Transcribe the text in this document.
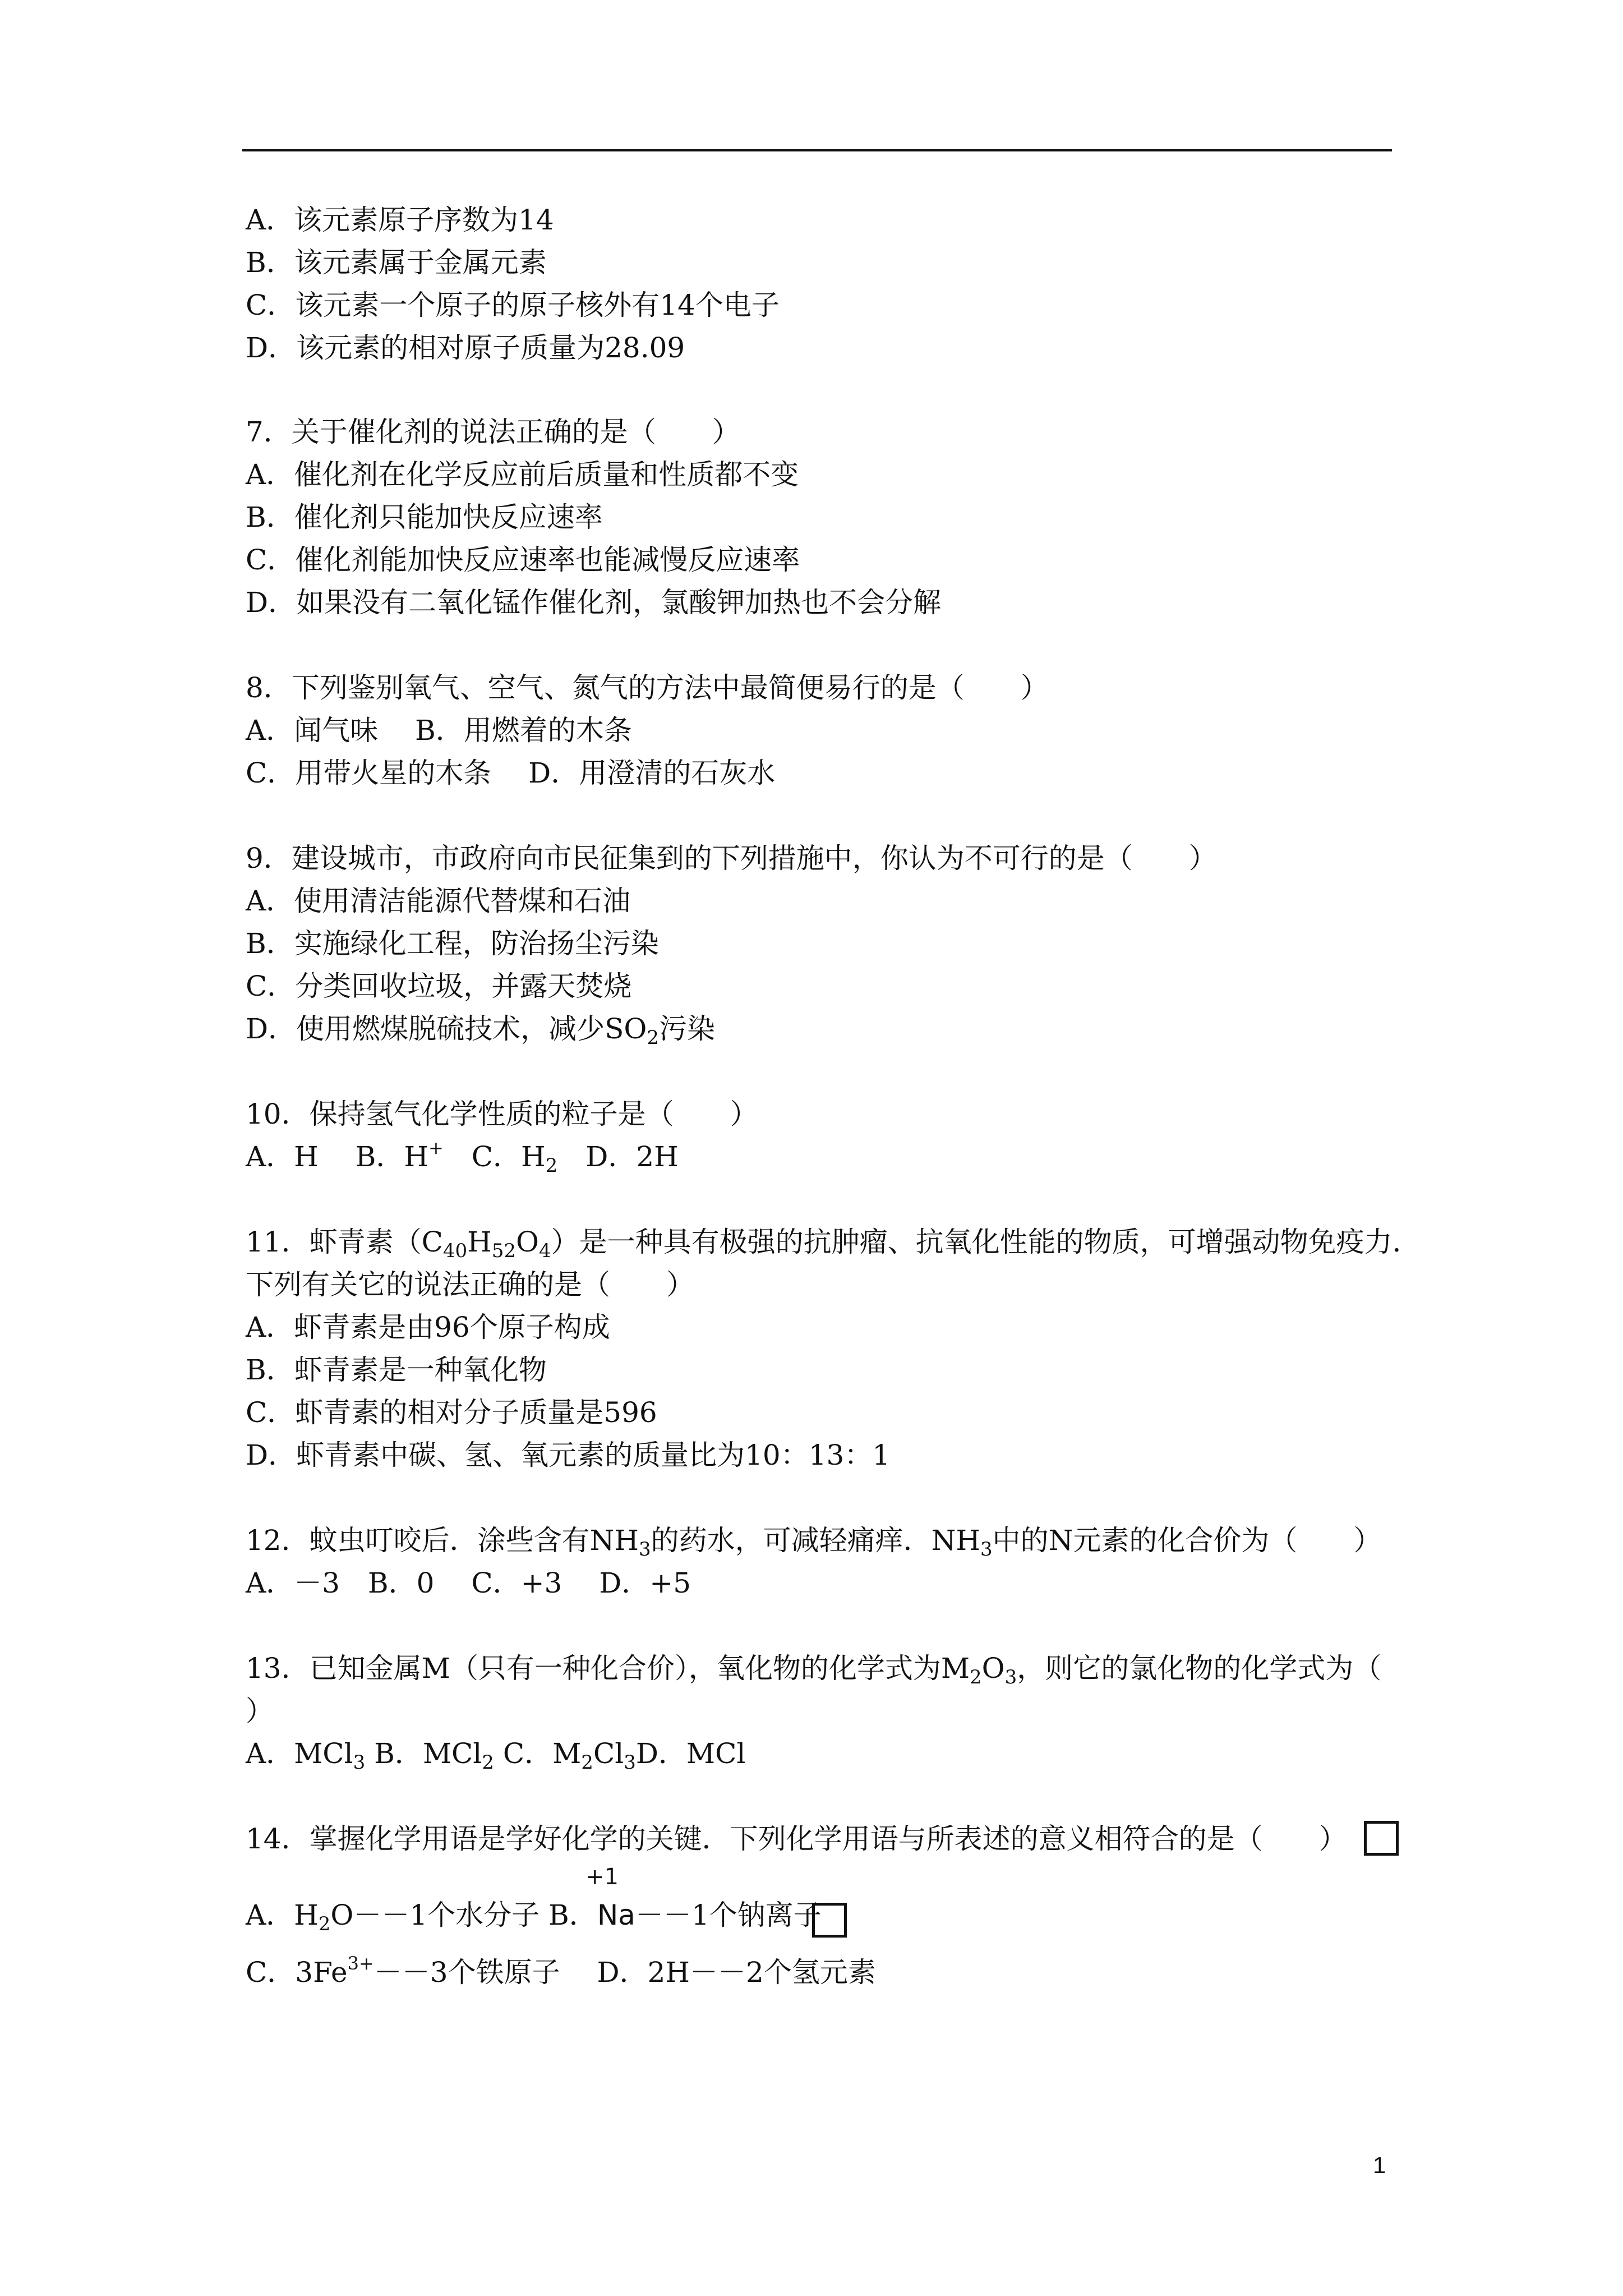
A．该元素原子序数为14
B．该元素属于金属元素
C．该元素一个原子的原子核外有14个电子
D．该元素的相对原子质量为28.09
7．关于催化剂的说法正确的是（　　）
A．催化剂在化学反应前后质量和性质都不变
B．催化剂只能加快反应速率
C．催化剂能加快反应速率也能减慢反应速率
D．如果没有二氧化锰作催化剂，氯酸钾加热也不会分解
8．下列鉴别氧气、空气、氮气的方法中最简便易行的是（　　）
A．闻气味　 B．用燃着的木条
C．用带火星的木条　 D．用澄清的石灰水
9．建设城市，市政府向市民征集到的下列措施中，你认为不可行的是（　　）
A．使用清洁能源代替煤和石油
B．实施绿化工程，防治扬尘污染
C．分类回收垃圾，并露天焚烧
D．使用燃煤脱硫技术，减少$SO_2$污染
10．保持氢气化学性质的粒子是（　　）
A．H　 B．H+　C．$H_2$　D．2H
11．虾青素$(C_{40}H_{52}O_4)$是一种具有极强的抗肿瘤、抗氧化性能的物质，可增强动物免疫力．
下列有关它的说法正确的是（　　）
A．虾青素是由96个原子构成
B．虾青素是一种氧化物
C．虾青素的相对分子质量是596
D．虾青素中碳、氢、氧元素的质量比为10：13：1
12．蚊虫叮咬后．涂些含有$NH_3$的药水，可减轻痛痒．$NH_3$中的N元素的化合价为（　　）
A．－3　B．0　 C．+3　 D．+5
13．已知金属M（只有一种化合价），氧化物的化学式为$M_2O_3$，则它的氯化物的化学式为（
）
A．MCl$_3$ B．MCl$_2$ C．$M_2Cl_3D$．MCl
14．掌握化学用语是学好化学的关键．下列化学用语与所表述的意义相符合的是（　　）
+1
A．$H_2O--1$个水分子 B．Na－－1个钠离子
C．$3Fe^{3+}--3$个铁原子　 D．2H－－2个氢元素
1
